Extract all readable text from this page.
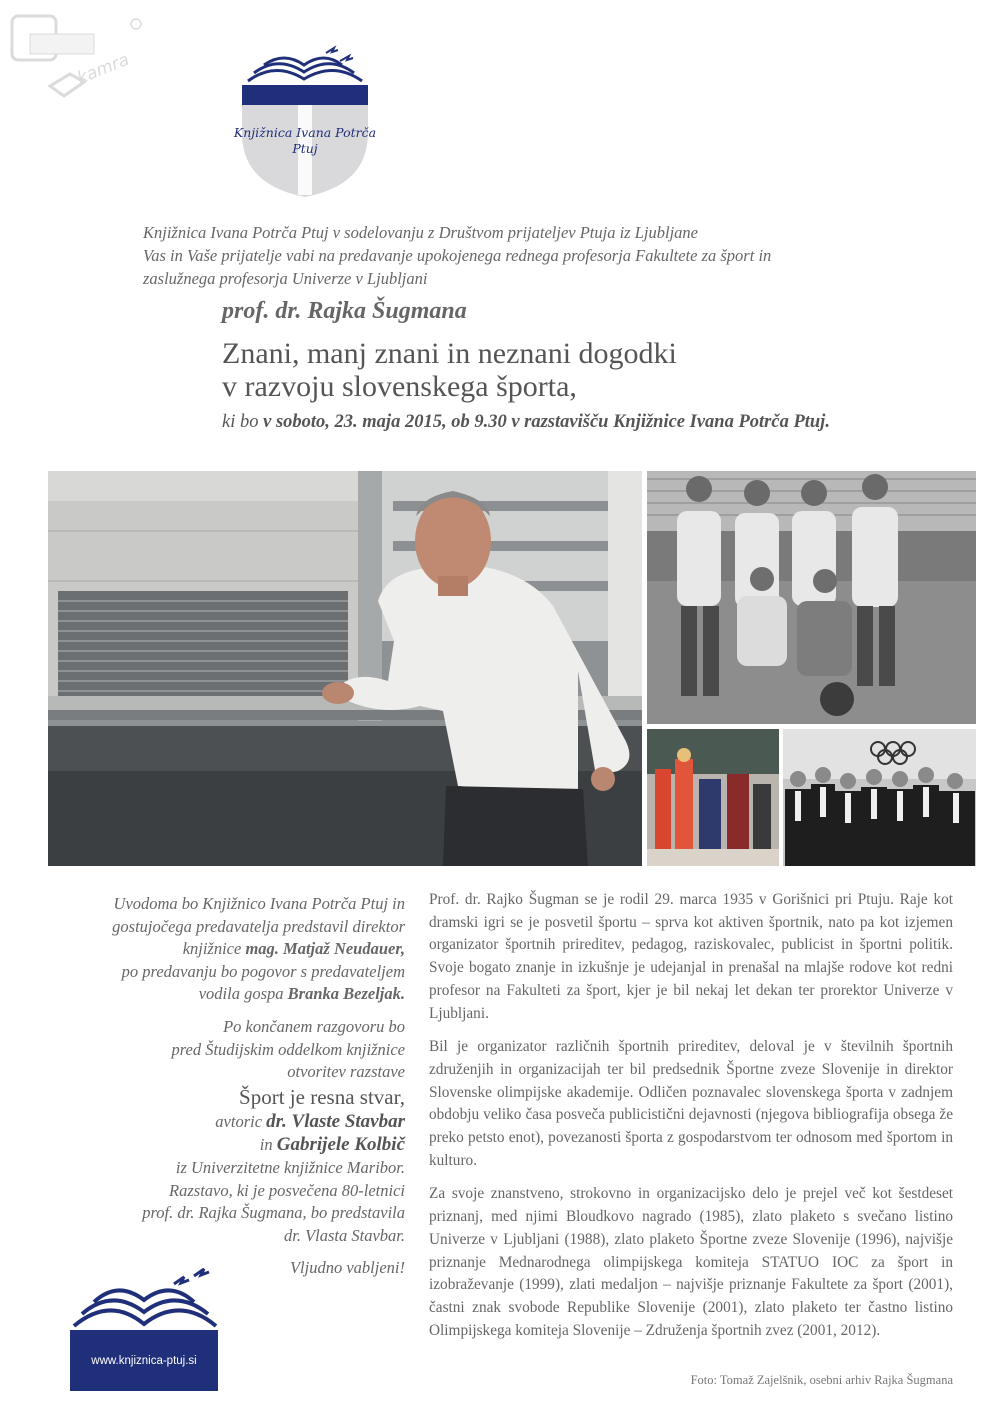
kamra
Knjižnica Ivana Potrča
Ptuj

Knjižnica Ivana Potrča Ptuj v sodelovanju z Društvom prijateljev Ptuja iz Ljubljane

Vas in Vaše prijatelje vabi na predavanje upokojenega rednega profesorja Fakultete za šport in

zaslužnega profesorja Univerze v Ljubljani

prof. dr. Rajka Šugmana
Znani, manj znani in neznani dogodki
v razvoju slovenskega športa,
ki bo v soboto, 23. maja 2015, ob 9.30 v razstavišču Knjižnice Ivana Potrča Ptuj.

Uvodoma bo Knjižnico Ivana Potrča Ptuj in

gostujočega predavatelja predstavil direktor

knjižnice mag. Matjaž Neudauer,

po predavanju bo pogovor s predavateljem

vodila gospa Branka Bezeljak.

Po končanem razgovoru bo

pred Študijskim oddelkom knjižnice

otvoritev razstave

Šport je resna stvar,

avtoric dr. Vlaste Stavbar

in Gabrijele Kolbič

iz Univerzitetne knjižnice Maribor.

Razstavo, ki je posvečena 80-letnici

prof. dr. Rajka Šugmana, bo predstavila

dr. Vlasta Stavbar.

Vljudno vabljeni!

Prof. dr. Rajko Šugman se je rodil 29. marca 1935 v Gorišnici pri Ptuju. Raje kot dramski igri se je posvetil športu – sprva kot aktiven športnik, nato pa kot izjemen organizator športnih prireditev, pedagog, raziskovalec, publicist in športni politik. Svoje bogato znanje in izkušnje je udejanjal in prenašal na mlajše rodove kot redni profesor na Fakulteti za šport, kjer je bil nekaj let dekan ter prorektor Univerze v Ljubljani.

Bil je organizator različnih športnih prireditev, deloval je v številnih športnih združenjih in organizacijah ter bil predsednik Športne zveze Slovenije in direktor Slovenske olimpijske akademije. Odličen poznavalec slovenskega športa v zadnjem obdobju veliko časa posveča publicistični dejavnosti (njegova bibliografija obsega že preko petsto enot), povezanosti športa z gospodarstvom ter odnosom med športom in kulturo.

Za svoje znanstveno, strokovno in organizacijsko delo je prejel več kot šestdeset priznanj, med njimi Bloudkovo nagrado (1985), zlato plaketo s svečano listino Univerze v Ljubljani (1988), zlato plaketo Športne zveze Slovenije (1996), najvišje priznanje Mednarodnega olimpijskega komiteja STATUO IOC za šport in izobraževanje (1999), zlati medaljon – najvišje priznanje Fakultete za šport (2001), častni znak svobode Republike Slovenije (2001), zlato plaketo ter častno listino Olimpijskega komiteja Slovenije – Združenja športnih zvez (2001, 2012).

Foto: Tomaž Zajelšnik, osebni arhiv Rajka Šugmana
www.knjiznica-ptuj.si
